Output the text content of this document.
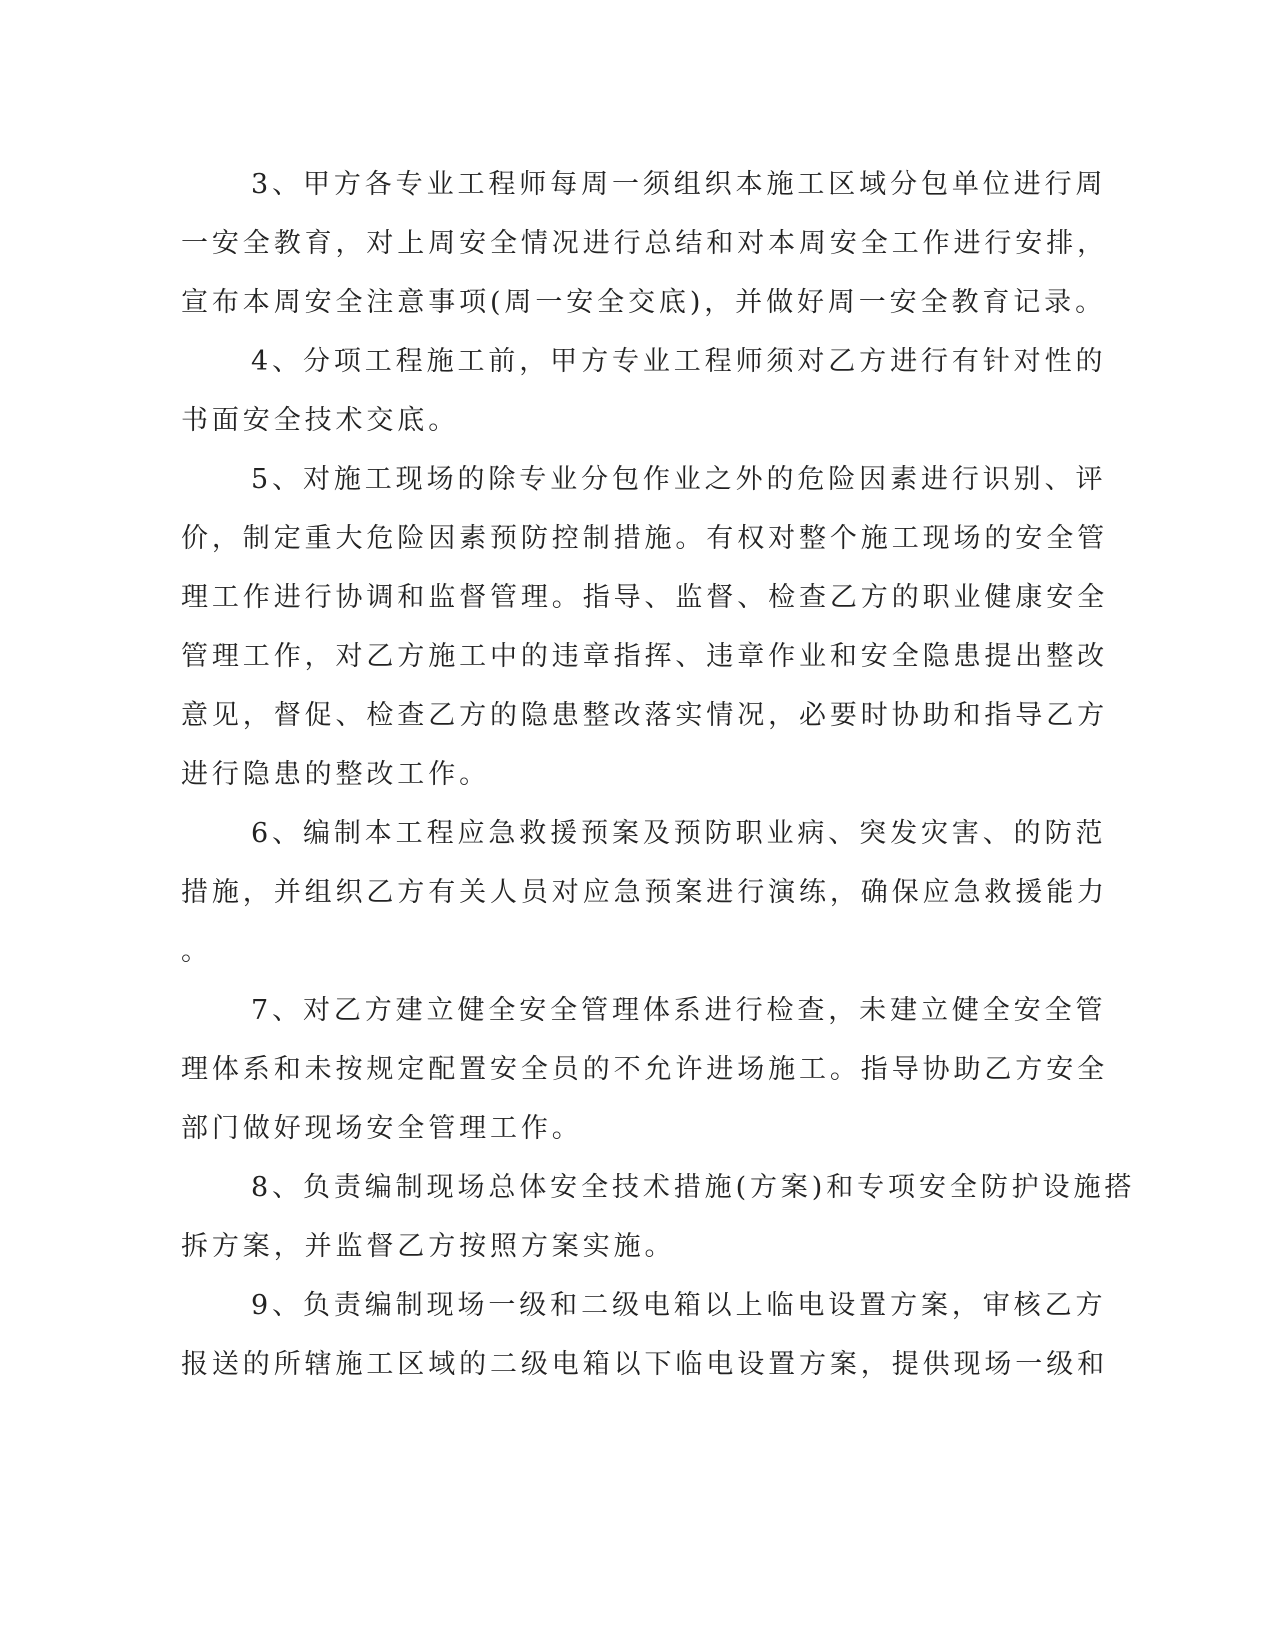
3、甲方各专业工程师每周一须组织本施工区域分包单位进行周
一安全教育，对上周安全情况进行总结和对本周安全工作进行安排，
宣布本周安全注意事项(周一安全交底)，并做好周一安全教育记录。
4、分项工程施工前，甲方专业工程师须对乙方进行有针对性的
书面安全技术交底。
5、对施工现场的除专业分包作业之外的危险因素进行识别、评
价，制定重大危险因素预防控制措施。有权对整个施工现场的安全管
理工作进行协调和监督管理。指导、监督、检查乙方的职业健康安全
管理工作，对乙方施工中的违章指挥、违章作业和安全隐患提出整改
意见，督促、检查乙方的隐患整改落实情况，必要时协助和指导乙方
进行隐患的整改工作。
6、编制本工程应急救援预案及预防职业病、突发灾害、的防范
措施，并组织乙方有关人员对应急预案进行演练，确保应急救援能力
。
7、对乙方建立健全安全管理体系进行检查，未建立健全安全管
理体系和未按规定配置安全员的不允许进场施工。指导协助乙方安全
部门做好现场安全管理工作。
8、负责编制现场总体安全技术措施(方案)和专项安全防护设施搭
拆方案，并监督乙方按照方案实施。
9、负责编制现场一级和二级电箱以上临电设置方案，审核乙方
报送的所辖施工区域的二级电箱以下临电设置方案，提供现场一级和
